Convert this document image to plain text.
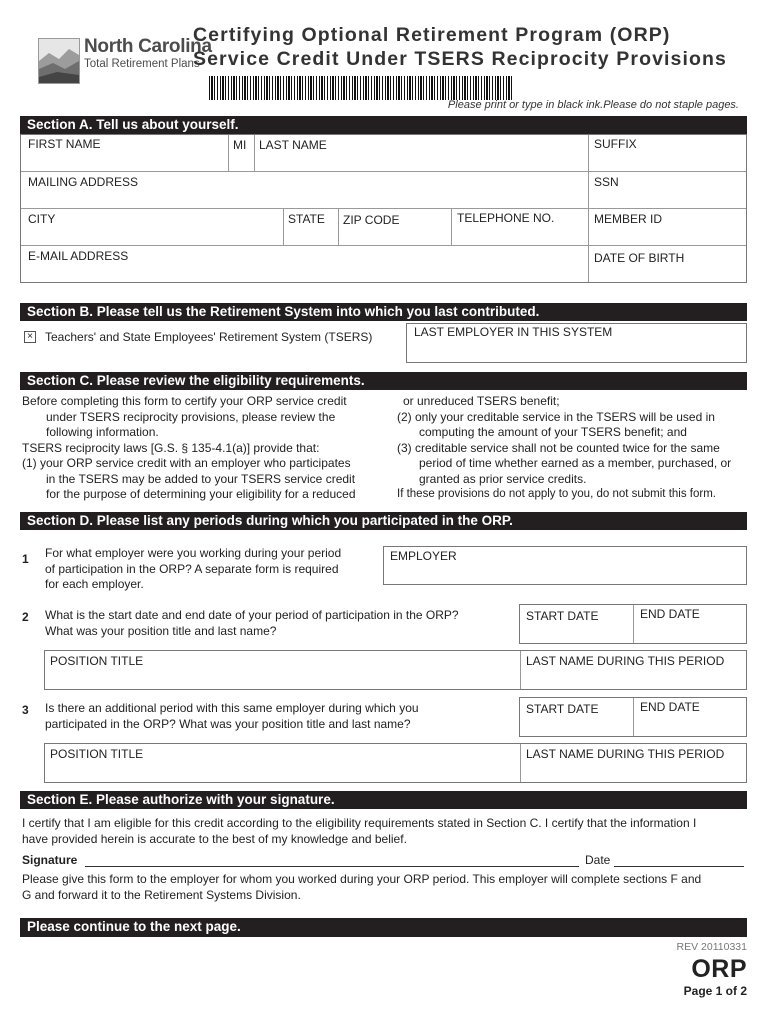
North Carolina
Total Retirement Plans
Certifying Optional Retirement Program (ORP)
Service Credit Under TSERS Reciprocity Provisions
Please print or type in black ink.Please do not staple pages.
Section A. Tell us about yourself.
FIRST NAME	MI LAST NAME	SUFFIX
MAILING ADDRESS	SSN
CITY	STATE ZIP CODE	TELEPHONE NO.	MEMBER ID
E-MAIL ADDRESS	DATE OF BIRTH
Section B. Please tell us the Retirement System into which you last contributed.
× Teachers' and State Employees' Retirement System (TSERS)	LAST EMPLOYER IN THIS SYSTEM
Section C. Please review the eligibility requirements.
Before completing this form to certify your ORP service credit
under TSERS reciprocity provisions, please review the
following information.
TSERS reciprocity laws [G.S. § 135-4.1(a)] provide that:
(1) your ORP service credit with an employer who participates
in the TSERS may be added to your TSERS service credit
for the purpose of determining your eligibility for a reduced
or unreduced TSERS benefit;
(2) only your creditable service in the TSERS will be used in
computing the amount of your TSERS benefit; and
(3) creditable service shall not be counted twice for the same
period of time whether earned as a member, purchased, or
granted as prior service credits.
If these provisions do not apply to you, do not submit this form.
Section D. Please list any periods during which you participated in the ORP.
1 For what employer were you working during your period
of participation in the ORP? A separate form is required
for each employer.
EMPLOYER
2 What is the start date and end date of your period of participation in the ORP?
What was your position title and last name?
START DATE	END DATE
POSITION TITLE	LAST NAME DURING THIS PERIOD
3 Is there an additional period with this same employer during which you
participated in the ORP? What was your position title and last name?
START DATE	END DATE
POSITION TITLE	LAST NAME DURING THIS PERIOD
Section E. Please authorize with your signature.
I certify that I am eligible for this credit according to the eligibility requirements stated in Section C. I certify that the information I
have provided herein is accurate to the best of my knowledge and belief.
Signature	Date
Please give this form to the employer for whom you worked during your ORP period. This employer will complete sections F and
G and forward it to the Retirement Systems Division.
Please continue to the next page.
REV 20110331
ORP
Page 1 of 2
